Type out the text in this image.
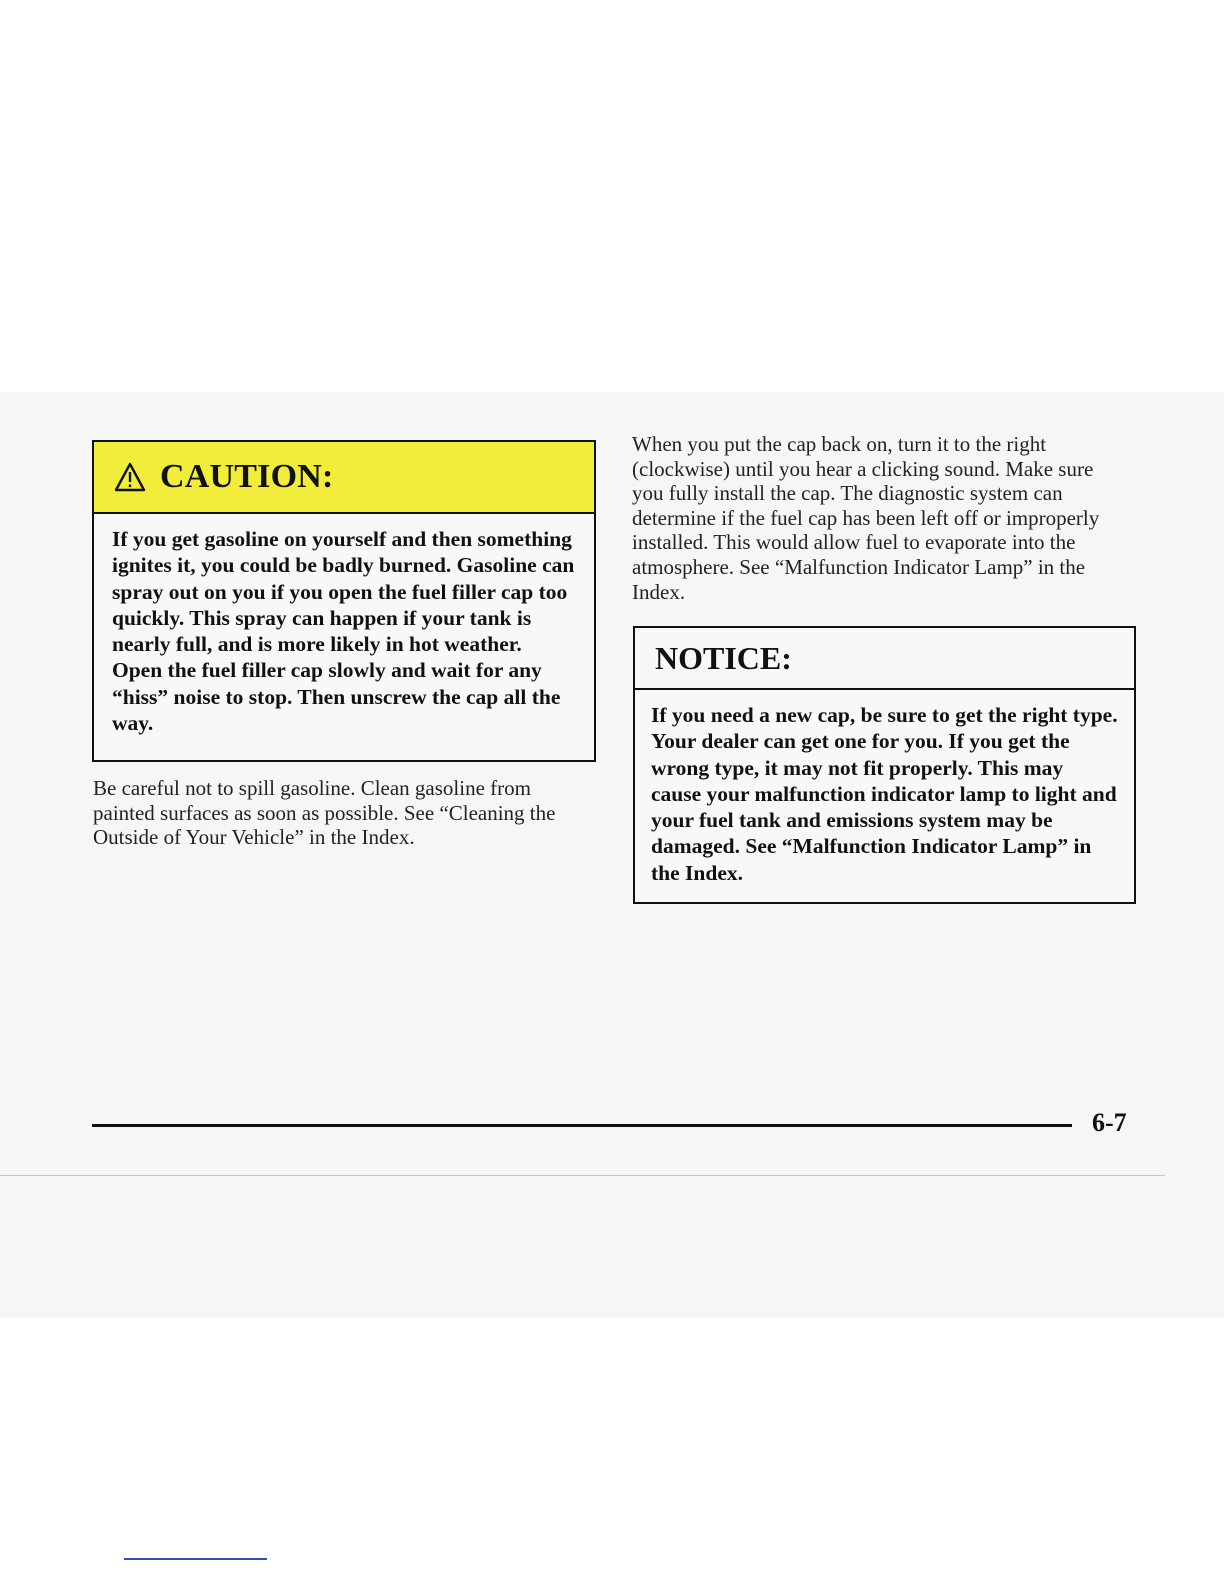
CAUTION:
If you get gasoline on yourself and then something ignites it, you could be badly burned. Gasoline can spray out on you if you open the fuel filler cap too quickly. This spray can happen if your tank is nearly full, and is more likely in hot weather. Open the fuel filler cap slowly and wait for any “hiss” noise to stop. Then unscrew the cap all the way.
Be careful not to spill gasoline. Clean gasoline from painted surfaces as soon as possible. See “Cleaning the Outside of Your Vehicle” in the Index.
When you put the cap back on, turn it to the right (clockwise) until you hear a clicking sound. Make sure you fully install the cap. The diagnostic system can determine if the fuel cap has been left off or improperly installed. This would allow fuel to evaporate into the atmosphere. See “Malfunction Indicator Lamp” in the Index.
NOTICE:
If you need a new cap, be sure to get the right type. Your dealer can get one for you. If you get the wrong type, it may not fit properly. This may cause your malfunction indicator lamp to light and your fuel tank and emissions system may be damaged. See “Malfunction Indicator Lamp” in the Index.
6-7
